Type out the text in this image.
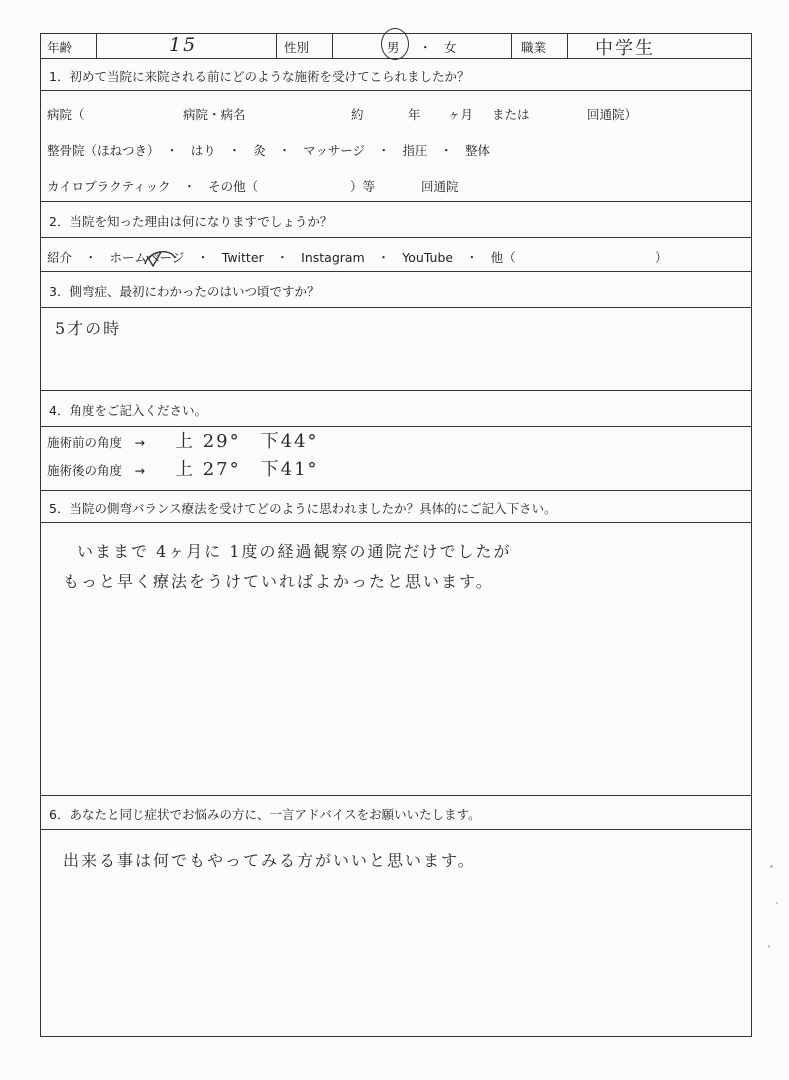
年齢	15	性別	男 ・ 女	職業	中学生
1．初めて当院に来院される前にどのような施術を受けてこられましたか？
病院（	病院・病名	約	年 ヶ月 または	回通院）
整骨院（ほねつき）　・　はり　・　灸　・　マッサージ　・　指圧　・　整体
カイロプラクティック　・　その他（	）等	回通院
2．当院を知った理由は何になりますでしょうか？
紹介　・　ホームページ　・　Twitter　・　Instagram　・　YouTube　・　他（	）
3．側弯症、最初にわかったのはいつ頃ですか？
5才の時
4．角度をご記入ください。
施術前の角度　→ 上 29°　下44°
施術後の角度　→ 上 27°　下41°
5．当院の側弯バランス療法を受けてどのように思われましたか？具体的にご記入下さい。
いままで 4ヶ月に 1度の経過観察の通院だけでしたが
もっと早く療法をうけていればよかったと思います。
6．あなたと同じ症状でお悩みの方に、一言アドバイスをお願いいたします。
出来る事は何でもやってみる方がいいと思います。
